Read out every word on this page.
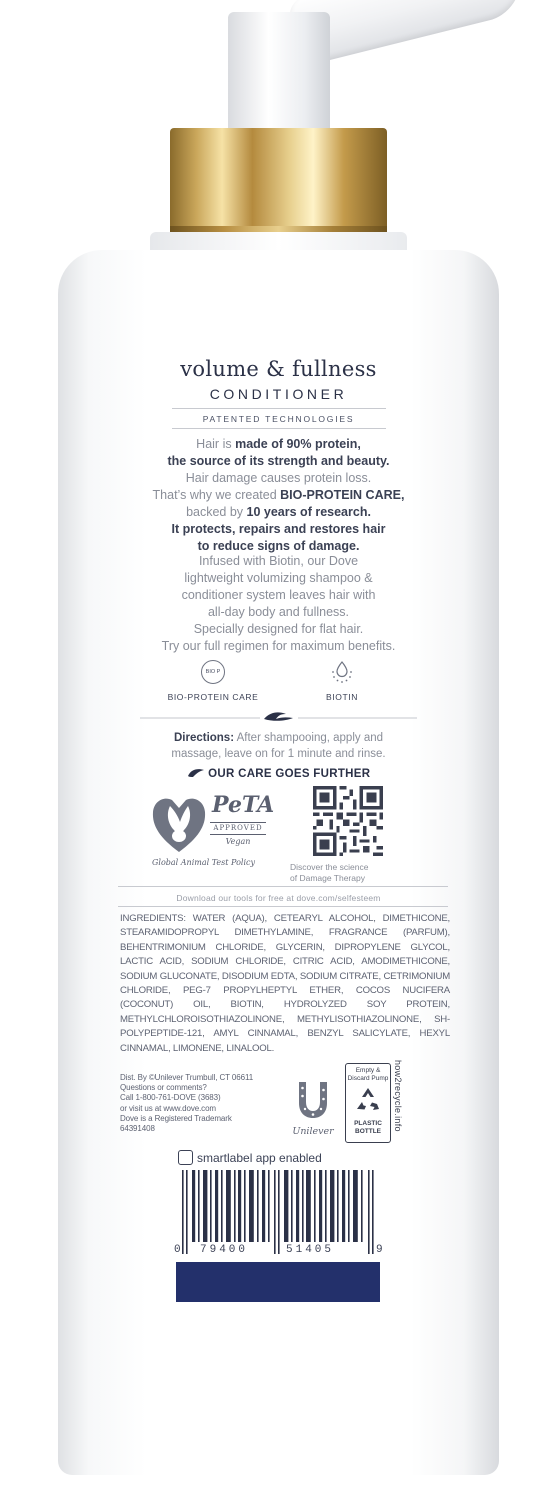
volume & fullness
CONDITIONER
PATENTED TECHNOLOGIES
Hair is made of 90% protein,
the source of its strength and beauty.
Hair damage causes protein loss.
That’s why we created BIO-PROTEIN CARE,
backed by 10 years of research.
It protects, repairs and restores hair
to reduce signs of damage.
Infused with Biotin, our Dove
lightweight volumizing shampoo &
conditioner system leaves hair with
all-day body and fullness.
Specially designed for flat hair.
Try our full regimen for maximum benefits.
BIO P
BIO-PROTEIN CARE	BIOTIN
Directions: After shampooing, apply and
massage, leave on for 1 minute and rinse.
OUR CARE GOES FURTHER
PeTA
APPROVED
Vegan
Global Animal Test Policy	Discover the science
of Damage Therapy
Download our tools for free at dove.com/selfesteem
INGREDIENTS: WATER (AQUA), CETEARYL ALCOHOL, DIMETHICONE, STEARAMIDOPROPYL DIMETHYLAMINE, FRAGRANCE (PARFUM), BEHENTRIMONIUM CHLORIDE, GLYCERIN, DIPROPYLENE GLYCOL, LACTIC ACID, SODIUM CHLORIDE, CITRIC ACID, AMODIMETHICONE, SODIUM GLUCONATE, DISODIUM EDTA, SODIUM CITRATE, CETRIMONIUM CHLORIDE, PEG-7 PROPYLHEPTYL ETHER, COCOS NUCIFERA (COCONUT) OIL, BIOTIN, HYDROLYZED SOY PROTEIN, METHYLCHLOROISOTHIAZOLINONE, METHYLISOTHIAZOLINONE, SH-POLYPEPTIDE-121, AMYL CINNAMAL, BENZYL SALICYLATE, HEXYL CINNAMAL, LIMONENE, LINALOOL.
Dist. By ©Unilever Trumbull, CT 06611
Questions or comments?
Call 1-800-761-DOVE (3683)
or visit us at www.dove.com
Dove is a Registered Trademark
64391408	Unilever
Empty & Discard Pump
PLASTIC
BOTTLE	how2recycle.info
smartlabel app enabled
0 79400	51405	9
